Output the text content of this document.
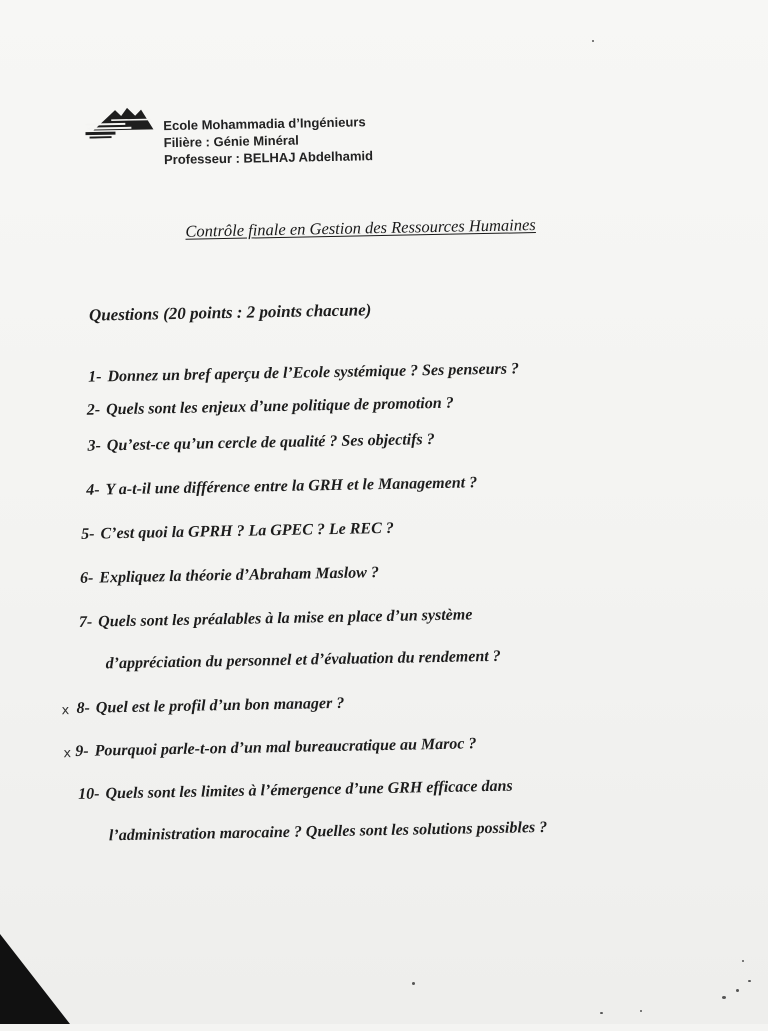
Ecole Mohammadia d’Ingénieurs
Filière : Génie Minéral
Professeur : BELHAJ Abdelhamid
Contrôle finale en Gestion des Ressources Humaines
Questions (20 points : 2 points chacune)
1- Donnez un bref aperçu de l’Ecole systémique ? Ses penseurs ?
2- Quels sont les enjeux d’une politique de promotion ?
3- Qu’est-ce qu’un cercle de qualité ? Ses objectifs ?
4- Y a-t-il une différence entre la GRH et le Management ?
5- C’est quoi la GPRH ? La GPEC ? Le REC ?
6- Expliquez la théorie d’Abraham Maslow ?
7- Quels sont les préalables à la mise en place d’un système
d’appréciation du personnel et d’évaluation du rendement ?
x 8- Quel est le profil d’un bon manager ?
x 9- Pourquoi parle-t-on d’un mal bureaucratique au Maroc ?
10- Quels sont les limites à l’émergence d’une GRH efficace dans
l’administration marocaine ? Quelles sont les solutions possibles ?
